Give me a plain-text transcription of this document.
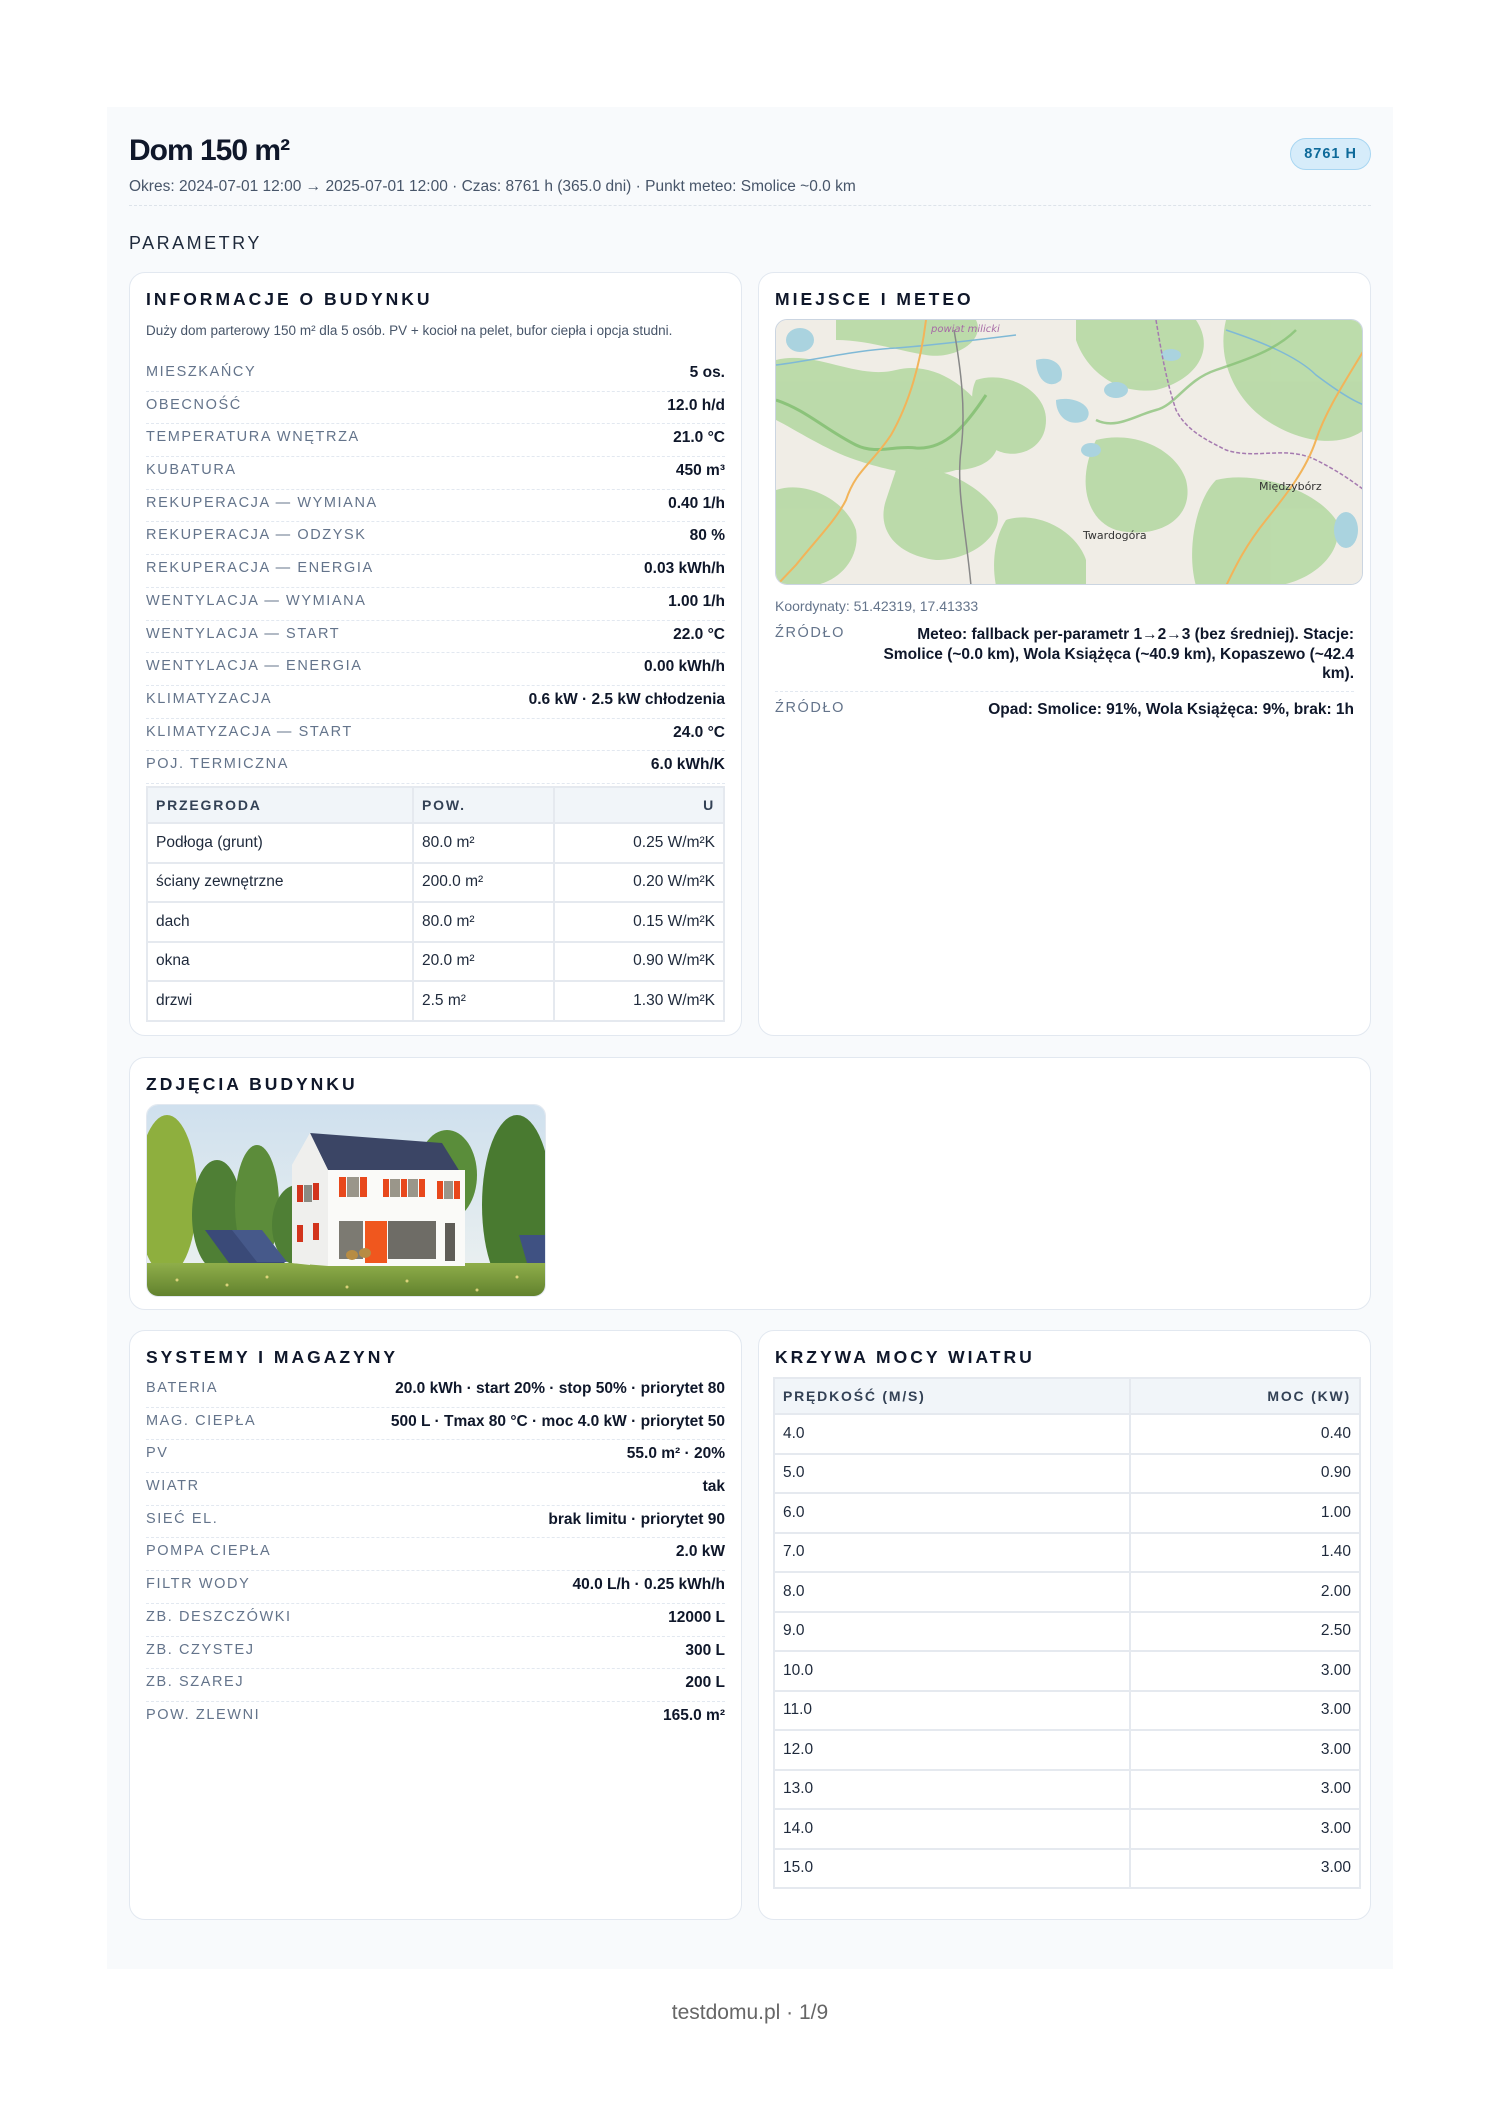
Dom 150 m²
Okres: 2024-07-01 12:00 → 2025-07-01 12:00 · Czas: 8761 h (365.0 dni) · Punkt meteo: Smolice ~0.0 km
8761 H
PARAMETRY
INFORMACJE O BUDYNKU
Duży dom parterowy 150 m² dla 5 osób. PV + kocioł na pelet, bufor ciepła i opcja studni.
MIESZKAŃCY	5 os.
OBECNOŚĆ	12.0 h/d
TEMPERATURA WNĘTRZA	21.0 °C
KUBATURA	450 m³
REKUPERACJA — WYMIANA	0.40 1/h
REKUPERACJA — ODZYSK	80 %
REKUPERACJA — ENERGIA	0.03 kWh/h
WENTYLACJA — WYMIANA	1.00 1/h
WENTYLACJA — START	22.0 °C
WENTYLACJA — ENERGIA	0.00 kWh/h
KLIMATYZACJA	0.6 kW · 2.5 kW chłodzenia
KLIMATYZACJA — START	24.0 °C
POJ. TERMICZNA	6.0 kWh/K
PRZEGRODA	POW.	U
Podłoga (grunt)	80.0 m²	0.25 W/m²K
ściany zewnętrzne	200.0 m²	0.20 W/m²K
dach	80.0 m²	0.15 W/m²K
okna	20.0 m²	0.90 W/m²K
drzwi	2.5 m²	1.30 W/m²K
MIEJSCE I METEO
powiat milicki
Twardogóra
Międzybórz
Koordynaty: 51.42319, 17.41333
ŹRÓDŁO	Meteo: fallback per-parametr 1→2→3 (bez średniej). Stacje: Smolice (~0.0 km), Wola Książęca (~40.9 km), Kopaszewo (~42.4 km).
ŹRÓDŁO	Opad: Smolice: 91%, Wola Książęca: 9%, brak: 1h
ZDJĘCIA BUDYNKU
SYSTEMY I MAGAZYNY
BATERIA	20.0 kWh · start 20% · stop 50% · priorytet 80
MAG. CIEPŁA	500 L · Tmax 80 °C · moc 4.0 kW · priorytet 50
PV	55.0 m² · 20%
WIATR	tak
SIEĆ EL.	brak limitu · priorytet 90
POMPA CIEPŁA	2.0 kW
FILTR WODY	40.0 L/h · 0.25 kWh/h
ZB. DESZCZÓWKI	12000 L
ZB. CZYSTEJ	300 L
ZB. SZAREJ	200 L
POW. ZLEWNI	165.0 m²
KRZYWA MOCY WIATRU
PRĘDKOŚĆ (M/S)	MOC (KW)
4.0	0.40
5.0	0.90
6.0	1.00
7.0	1.40
8.0	2.00
9.0	2.50
10.0	3.00
11.0	3.00
12.0	3.00
13.0	3.00
14.0	3.00
15.0	3.00
testdomu.pl · 1/9
